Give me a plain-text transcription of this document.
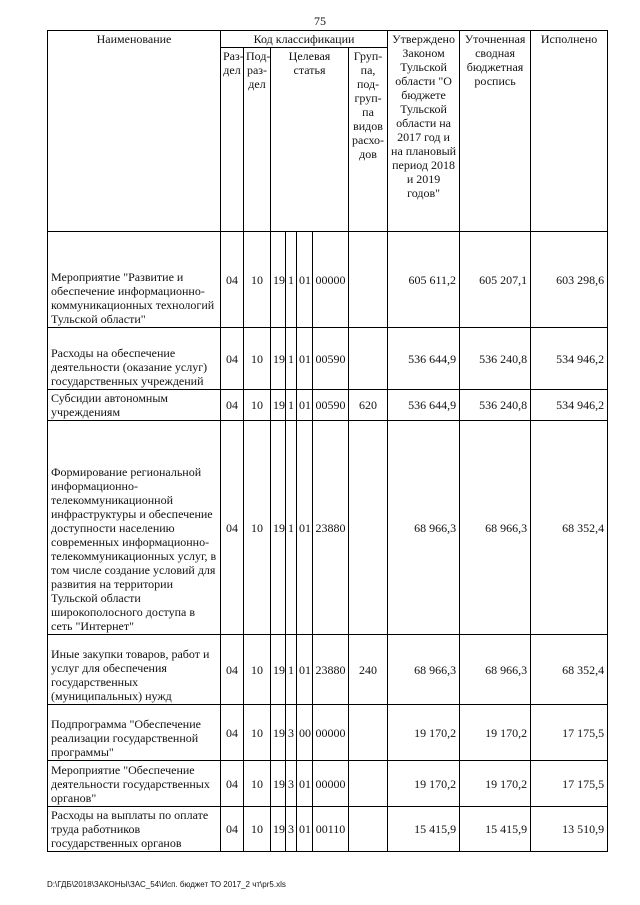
75
Наименование	Код классификации							Утверждено Законом Тульской области "О бюджете Тульской области на 2017 год и на плановый период 2018 и 2019 годов"	Уточненная сводная бюджетная роспись	Исполнено
	Раз-дел	Под-раз-дел	Целевая статья				Груп-па, под-груп-па видов расхо-дов			
Мероприятие "Развитие и обеспечение информационно-коммуникационных технологий Тульской области"	04	10	19	1	01	00000		605 611,2	605 207,1	603 298,6
Расходы на обеспечение деятельности (оказание услуг) государственных учреждений	04	10	19	1	01	00590		536 644,9	536 240,8	534 946,2
Субсидии автономным учреждениям	04	10	19	1	01	00590	620	536 644,9	536 240,8	534 946,2
Формирование региональной информационно-телекоммуникационной инфраструктуры и обеспечение доступности населению современных информационно-телекоммуникационных услуг, в том числе создание условий для развития на территории Тульской области широкополосного доступа в сеть "Интернет"	04	10	19	1	01	23880		68 966,3	68 966,3	68 352,4
Иные закупки товаров, работ и услуг для обеспечения государственных (муниципальных) нужд	04	10	19	1	01	23880	240	68 966,3	68 966,3	68 352,4
Подпрограмма "Обеспечение реализации государственной программы"	04	10	19	3	00	00000		19 170,2	19 170,2	17 175,5
Мероприятие "Обеспечение деятельности государственных органов"	04	10	19	3	01	00000		19 170,2	19 170,2	17 175,5
Расходы на выплаты по оплате труда работников государственных органов	04	10	19	3	01	00110		15 415,9	15 415,9	13 510,9
D:\ГДБ\2018\ЗАКОНЫ\ЗАС_54\Исп. бюджет ТО 2017_2 чт\pr5.xls
